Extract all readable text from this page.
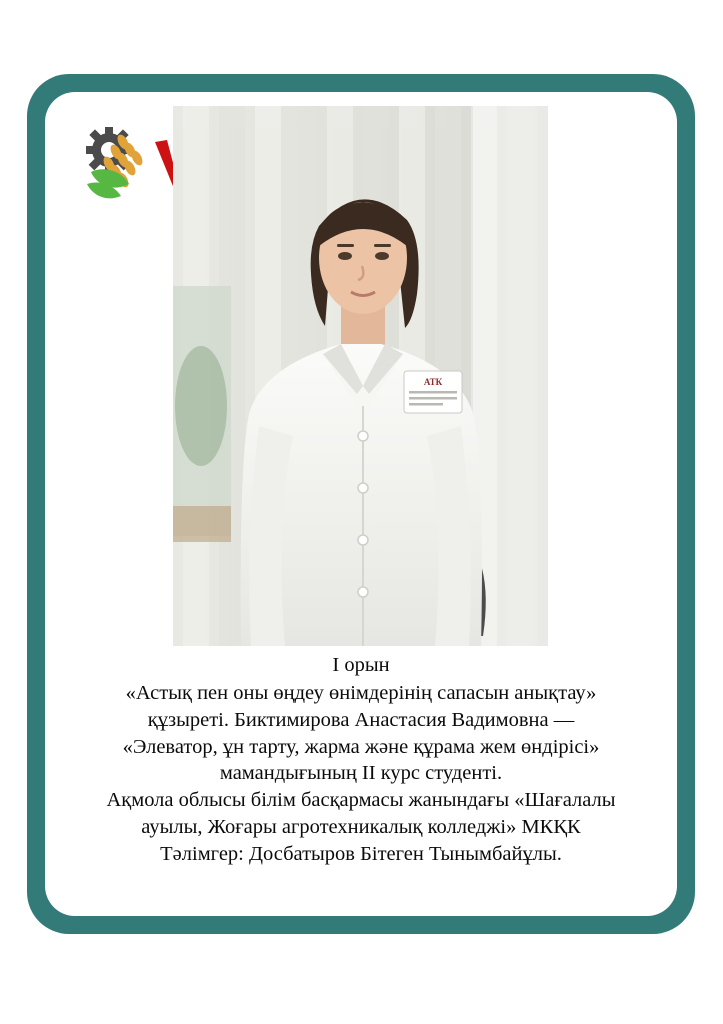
АТК
I орын
«Астық пен оны өңдеу өнімдерінің сапасын анықтау»
құзыреті. Биктимирова Анастасия Вадимовна —
«Элеватор, ұн тарту, жарма және құрама жем өндірісі»
мамандығының II курс студенті.
Ақмола облысы білім басқармасы жанындағы «Шағалалы
ауылы, Жоғары агротехникалық колледжі» МКҚК
Тәлімгер: Досбатыров Бітеген Тынымбайұлы.
